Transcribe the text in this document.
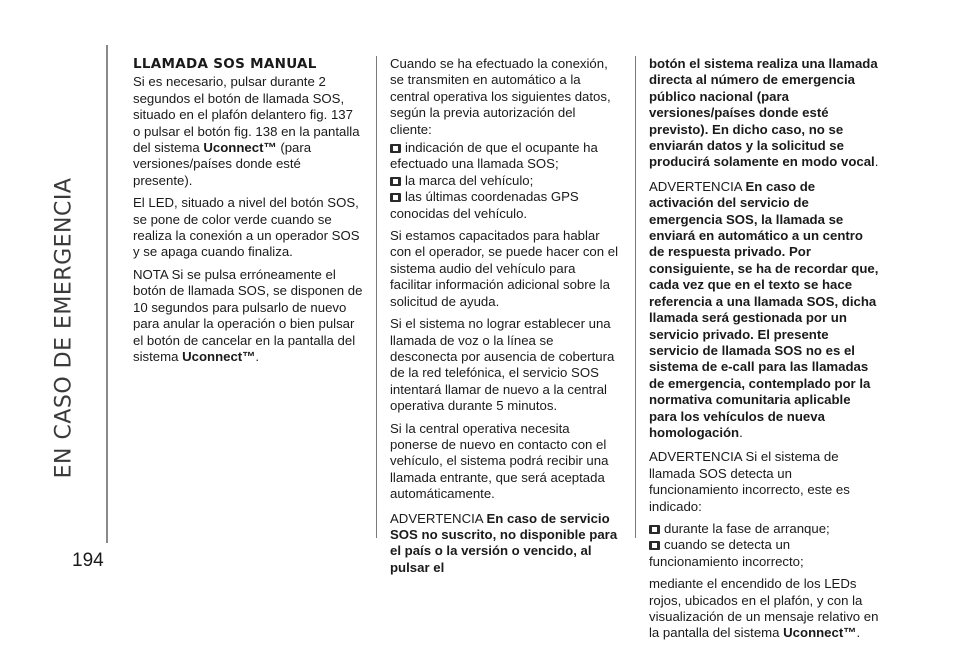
EN CASO DE EMERGENCIA
194
LLAMADA SOS MANUAL

Si es necesario, pulsar durante 2 segundos el botón de llamada SOS, situado en el plafón delantero fig. 137 o pulsar el botón fig. 138 en la pantalla del sistema Uconnect™ (para versiones/países donde esté presente).

El LED, situado a nivel del botón SOS, se pone de color verde cuando se realiza la conexión a un operador SOS y se apaga cuando finaliza.

NOTA Si se pulsa erróneamente el botón de llamada SOS, se disponen de 10 segundos para pulsarlo de nuevo para anular la operación o bien pulsar el botón de cancelar en la pantalla del sistema Uconnect™.

Cuando se ha efectuado la conexión, se transmiten en automático a la central operativa los siguientes datos, según la previa autorización del cliente:

indicación de que el ocupante ha efectuado una llamada SOS;
la marca del vehículo;
las últimas coordenadas GPS conocidas del vehículo.

Si estamos capacitados para hablar con el operador, se puede hacer con el sistema audio del vehículo para facilitar información adicional sobre la solicitud de ayuda.

Si el sistema no lograr establecer una llamada de voz o la línea se desconecta por ausencia de cobertura de la red telefónica, el servicio SOS intentará llamar de nuevo a la central operativa durante 5 minutos.

Si la central operativa necesita ponerse de nuevo en contacto con el vehículo, el sistema podrá recibir una llamada entrante, que será aceptada automáticamente.

ADVERTENCIA En caso de servicio SOS no suscrito, no disponible para el país o la versión o vencido, al pulsar el

botón el sistema realiza una llamada directa al número de emergencia público nacional (para versiones/países donde esté previsto). En dicho caso, no se enviarán datos y la solicitud se producirá solamente en modo vocal.

ADVERTENCIA En caso de activación del servicio de emergencia SOS, la llamada se enviará en automático a un centro de respuesta privado. Por consiguiente, se ha de recordar que, cada vez que en el texto se hace referencia a una llamada SOS, dicha llamada será gestionada por un servicio privado. El presente servicio de llamada SOS no es el sistema de e-call para las llamadas de emergencia, contemplado por la normativa comunitaria aplicable para los vehículos de nueva homologación.

ADVERTENCIA Si el sistema de llamada SOS detecta un funcionamiento incorrecto, este es indicado:

durante la fase de arranque;
cuando se detecta un funcionamiento incorrecto;

mediante el encendido de los LEDs rojos, ubicados en el plafón, y con la visualización de un mensaje relativo en la pantalla del sistema Uconnect™.
